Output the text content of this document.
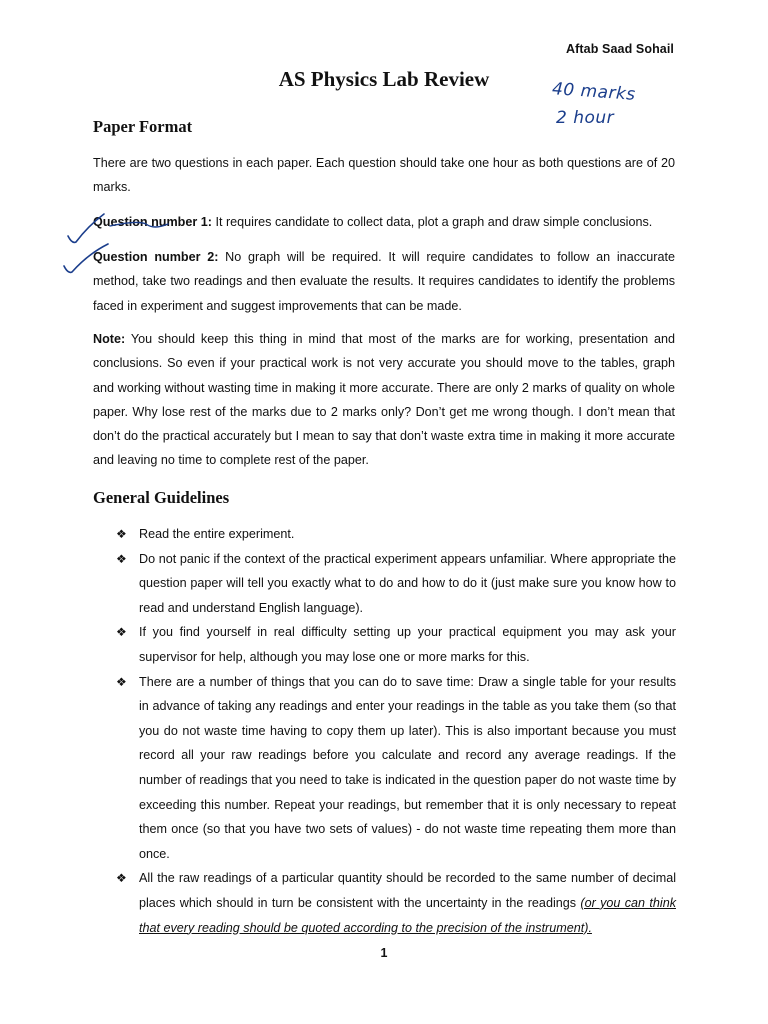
Aftab Saad Sohail
AS Physics Lab Review
40 marks
2 hour
Paper Format

There are two questions in each paper. Each question should take one hour as both questions are of 20 marks.

Question number 1: It requires candidate to collect data, plot a graph and draw simple conclusions.

Question number 2: No graph will be required. It will require candidates to follow an inaccurate method, take two readings and then evaluate the results. It requires candidates to identify the problems faced in experiment and suggest improvements that can be made.

Note: You should keep this thing in mind that most of the marks are for working, presentation and conclusions. So even if your practical work is not very accurate you should move to the tables, graph and working without wasting time in making it more accurate. There are only 2 marks of quality on whole paper. Why lose rest of the marks due to 2 marks only? Don’t get me wrong though. I don’t mean that don’t do the practical accurately but I mean to say that don’t waste extra time in making it more accurate and leaving no time to complete rest of the paper.

General Guidelines
❖ Read the entire experiment.
❖ Do not panic if the context of the practical experiment appears unfamiliar. Where appropriate the question paper will tell you exactly what to do and how to do it (just make sure you know how to read and understand English language).
❖ If you find yourself in real difficulty setting up your practical equipment you may ask your supervisor for help, although you may lose one or more marks for this.
❖ There are a number of things that you can do to save time: Draw a single table for your results in advance of taking any readings and enter your readings in the table as you take them (so that you do not waste time having to copy them up later). This is also important because you must record all your raw readings before you calculate and record any average readings. If the number of readings that you need to take is indicated in the question paper do not waste time by exceeding this number. Repeat your readings, but remember that it is only necessary to repeat them once (so that you have two sets of values) - do not waste time repeating them more than once.
❖ All the raw readings of a particular quantity should be recorded to the same number of decimal places which should in turn be consistent with the uncertainty in the readings (or you can think that every reading should be quoted according to the precision of the instrument).
1
